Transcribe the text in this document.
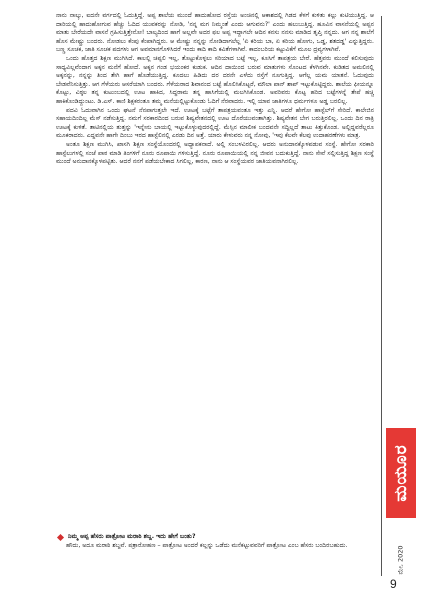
ನಾನು ನಾಲ್ಕು, ಐದನೇ ವರ್ಗದಲ್ಲಿ ಓದುತ್ತಿದ್ದೆ. ಅಪ್ಪ ಶಾಲೆಯ ಮುಂದೆ ಹಾದುಹೋದ ರಸ್ತೆಯ ಅಂಚಿನಲ್ಲಿ ಆಕಾಶದಲ್ಲಿ ಗಿಡದ ಕೆಳಗೆ ಕುಳಿತು ಕಲ್ಲು ಕುಟಿಯುತ್ತಿದ್ದ. ಆ ದಾರಿಯಲ್ಲಿ ಹಾದುಹೋಗುವ ಹೆಚ್ಚು ಓದಿದ ಯುವಕರನ್ನು ನೋಡಿ, 'ನನ್ನ ಮಗ ನಿಮ್ಮಂತೆ ಎಂದು ಆಗುವನು?' ಎಂದು ಹಲುಬುತ್ತಿದ್ದ. ಹೂವಿನ ವಾಸನೆಯಲ್ಲಿ ಅಪ್ಪನ ಮಾತು ಬೇರೆಯದೇ ವಾಸನೆ ಗ್ರಹಿಸುತ್ತಿತ್ತೇನೋ! ಬಾಲ್ಯದಿಂದ ಹಾಗೆ ಅಲ್ಲವೇ ಅದರ ಫಲ ಅಪ್ಪ ಇದ್ದಾಗಲೇ ಆದಿನ ಕನಸು ನನಸು ಮಾಡಿದ ತೃಪ್ತಿ ನನ್ನದು. ಆಗ ನನ್ನ ಶಾಲೆಗೆ ಹೊಸ ಮೇಷ್ಟ್ರು ಬಂದರು. ನೋಡಲು ಕೆಂಪು ಕೆಂಪಾಗಿದ್ದರು. ಆ ಮೇಷ್ಟ್ರು ನನ್ನನ್ನು ನೋಡಿದಾಗಲೆಲ್ಲ 'ಏ ಕರಿಯ ಬಾ, ಏ ಕರಿಯ ಹೋಗು, ಒಡ್ಡ, ಶತದಡ್ಡ' ಎನ್ನುತ್ತಿದ್ದರು. ಬಣ್ಣ ಸೂಚಕ, ಜಾತಿ ಸೂಚಕ ಪದಗಳು ಆಗ ಅವಮಾನಗೊಳಿಸಿದರೆ ಇಂದು ಕಾದಿ ಕಾದಿ ಕವಿತೆಗಳಾಗಿವೆ. ಕಾದಂಬರಿಯ ಕಟ್ಟುವಿಕೆಗೆ ಮೂಲ ದ್ರವ್ಯಗಳಾಗಿವೆ.

ಒಂದು ಹೊತ್ತದ ಶಿಕ್ಷಣ ಮುಗಿಸಿದೆ. ಕಾಲಲ್ಲಿ ಚಪ್ಪಲಿ ಇಲ್ಲ, ತೊಟ್ಟುಕೊಳ್ಳಲು ಸರಿಯಾದ ಬಟ್ಟೆ ಇಲ್ಲ, ಕೂಸಿಗೆ ತಾಪತ್ರಯ ಬೇರೆ. ಹೆತ್ತವರು ಮುಂದೆ ಕಲಿಸುವುದು ಸಾಧ್ಯವಿಲ್ಲವೆಂದಾಗ ಅಕ್ಕನ ಮನೆಗೆ ಹೋದೆ. ಅಕ್ಕನ ಗಂಡ ಭಯಂಕರ ಕುಡುಕ. ಆದಿನ ದಾಯಿಂದ ಬರುವ ಮಾತುಗಳು ಸೊಂಟದ ಕೆಳಗಿನವೇ. ಕುಡಿತದ ಅಮಲಿನಲ್ಲಿ ಅಕ್ಕನನ್ನು, ನನ್ನನ್ನು ತಿಂದ ತೇಗಿ ಹಾಗೆ ಹೊಡೆಯುತ್ತಿದ್ದ. ಕೂದಲು ಹಿಡಿದು ದರ ದರನೇ ಎಳೆದು ರಸ್ತೆಗೆ ನೂಗುತ್ತಿದ್ದ. ಆಗೆಲ್ಲ ಯಮ ಯಾತನೆ. ಓದುವುದು ಬೇಡವೆನಿಸುತ್ತಿತ್ತು. ಆಗ ಗೆಳೆಯರು ಆಸರೆಯಾಗಿ ಬಂದರು. ಗೆಳೆಯರಾದ ಶಿವಾನಂದ ಬಟ್ಟೆ ಹೊಲಿಸಿಕೊಟ್ಟರೆ, ಮೌಲಾ ಪಾನ್ ಶಾಪ್ ಇಟ್ಟುಕೊಟ್ಟಿದ್ದರು. ಶಾಲೆಯ ಫೀಯನ್ನೂ ಕೊಟ್ಟು, ವಿಠ್ಠಲ ತನ್ನ ಕುಟುಂಬದಲ್ಲಿ ಊಟ ಹಾಕಿದ, ಸಿದ್ಧರಾಮ ತನ್ನ ಹಾಸಿಗೆಯಲ್ಲಿ ಮಲಗಿಸಿಕೊಂಡ. ಅವರಿವರು ಕೊಟ್ಟ ಹರಿದ ಬಟ್ಟೆಗಳನ್ನೆ ತೇಪೆ ಹಚ್ಚಿ ಹಾಕಿಕೊಂಡಿದ್ದುಂಟು. ಡಿ.ಎಸ್. ಕಾಣಿ ಶಿಕ್ಷಕರಂತೂ ತಮ್ಮ ಮನೆಯಲ್ಲಿಟ್ಟುಕೊಂಡು ಓದಿಗೆ ನೆರವಾದರು. ಇಲ್ಲಿ ಯಾವ ಜಾತಿಗಳೂ ಧರ್ಮಗಳೂ ಅಡ್ಡ ಬರಲಿಲ್ಲ.

ಪದವಿ ಓದುವಾಗಿನ ಒಂದು ಘಟನೆ ನೆನಪಾಗುತ್ತಲೇ ಇದೆ. ಊಟಕ್ಕೆ ಬಟ್ಟೆಗೆ ತಾಪತ್ರಯವಂತೂ ಇತ್ತು ಎನ್ನಿ. ಆದರೆ ಹೇಗೋ ಹಾಸ್ಟೆಲ್‌ಗೆ ಸೇರಿದೆ. ಕಾಲೇಜಿನ ಸಹಾಯದಿಂದಿಲ್ಲ ಮೆಸ್ ನಡೆಸುತ್ತಿದ್ದ. ನಮಗೆ ಸರಕಾರದಿಂದ ಬರುವ ಶಿಷ್ಯವೇತನದಲ್ಲಿ ಊಟ ದೊರೆಯುವಂತಾಗಿತ್ತು. ಶಿಷ್ಯವೇತನ ಬೇಗ ಬರುತ್ತಿರಲಿಲ್ಲ. ಒಂದು ದಿನ ರಾತ್ರಿ ಊಟಕ್ಕೆ ಕುಳಿತೆ. ತಾಟಿನಲ್ಲಿಯ ತುತ್ತನ್ನು 'ಇನ್ನೇನು ಬಾಯಲ್ಲಿ ಇಟ್ಟುಕೊಳ್ಳುವುದರಲ್ಲಿದ್ದೆ. ಮೆಸ್ಸಿನ ಮಾಲೀಕ ಬಂದವನೇ ಸದ್ದಿಲ್ಲದೆ ತಾಟು ಕಿತ್ತುಕೊಂಡ. ಅಲ್ಲಿದ್ದವರೆಲ್ಲರೂ ಮೂಕರಾದರು. ಎದ್ದವನೇ ಹಾಗೇ ದಿಂಬು ಇರದ ಹಾಸ್ಟೆಲಿನಲ್ಲಿ ಎರಡು ದಿನ ಅತ್ತೆ. ಯಾರು ಕೇಳುವರು ನನ್ನ ನೋವು, 'ಇವು ಕೆಲವೇ ಕೆಲವು ಉದಾಹರಣೆಗಳು ಮಾತ್ರ.

ಅಂತೂ ಶಿಕ್ಷಣ ಮುಗಿಸಿ, ಖಾಸಗಿ ಶಿಕ್ಷಣ ಸಂಸ್ಥೆಯೊಂದರಲ್ಲಿ ಅಧ್ಯಾಪಕನಾದೆ. ಅಲ್ಲಿ ಸಂಬಳವಿರಲಿಲ್ಲ. ಆದರು ಅನುದಾನಕ್ಕೊಳಪಡುವ ಸಂಸ್ಥೆ. ಹೇಗೋ ಸರಕಾರಿ ಹಾಸ್ಟೆಲುಗಳಲ್ಲಿ ಸಂಜೆ ಪಾಠ ಮಾಡಿ ತಿಂಗಳಿಗೆ ನೂರು ರೂಪಾಯಿ ಗಳಿಸುತ್ತಿದ್ದೆ. ನೂರು ರೂಪಾಯಿಯಲ್ಲಿ ನನ್ನ ಜೀವನ ಬದುಕುತ್ತಿದ್ದೆ. ನಾನು ಸೇವೆ ಸಲ್ಲಿಸುತ್ತಿದ್ದ ಶಿಕ್ಷಣ ಸಂಸ್ಥೆ ಮುಂದೆ ಅನುದಾನಕ್ಕೊಳಪಟ್ಟಿತು. ಆದರೆ ನನಗೆ ಪಡೆಯಬೇಕಾದ ಸಿಗಲಿಲ್ಲ, ಕಾರಣ, ನಾನು ಆ ಸಂಸ್ಥೆಯವರ ಜಾತಿಯವನಾಗಿರಲಿಲ್ಲ.

ನಿಮ್ಮ ಅಪ್ಪ ಹೆಸರು ಪಾತ್ರೋಟ ಮರಾಠಿ ಶಬ್ದ. ಇದು ಹೇಗೆ ಬಂತು?

ಹೌದು, ಅದೂ ಮರಾಠಿ ಶಬ್ದವೆ. ಪತ್ರಾರೋಹಣ – ಪಾತ್ರೋಟ ಅಂದರೆ ಕಲ್ಲನ್ನು ಒಡೆದು ಮನೆಕಟ್ಟುವವರಿಗೆ ಪಾತ್ರೋಟ ಎಂಬ ಹೆಸರು ಬಂದಿರಬಹುದು.

ಮಯೂರ
ಮೇ, 2020
9
